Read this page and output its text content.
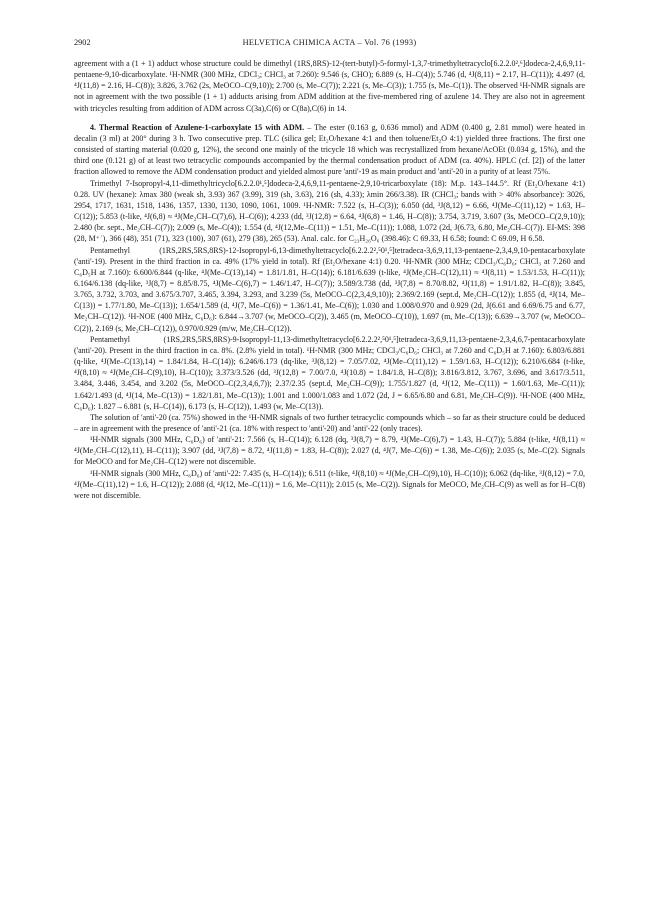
2902	HELVETICA CHIMICA ACTA – Vol. 76 (1993)

agreement with a (1 + 1) adduct whose structure could be dimethyl (1RS,8RS)-12-(tert-butyl)-5-formyl-1,3,7-trimethyltetracyclo[6.2.2.0²,⁶]dodeca-2,4,6,9,11-pentaene-9,10-dicarboxylate. ¹H-NMR (300 MHz, CDCl₃; CHCl₃ at 7.260): 9.546 (s, CHO); 6.889 (s, H–C(4)); 5.746 (d, ⁴J(8,11) = 2.17, H–C(11)); 4.497 (d, ⁴J(11,8) = 2.16, H–C(8)); 3.826, 3.762 (2s, MeOCO–C(9,10)); 2.700 (s, Me–C(7)); 2.221 (s, Me–C(3)); 1.755 (s, Me–C(1)). The observed ¹H-NMR signals are not in agreement with the two possible (1 + 1) adducts arising from ADM addition at the five-membered ring of azulene 14. They are also not in agreement with tricycles resulting from addition of ADM across C(3a),C(6) or C(8a),C(6) in 14.

4. Thermal Reaction of Azulene-1-carboxylate 15 with ADM. – The ester (0.163 g, 0.636 mmol) and ADM (0.400 g, 2.81 mmol) were heated in decalin (3 ml) at 200° during 3 h. Two consecutive prep. TLC (silica gel; Et₂O/hexane 4:1 and then toluene/Et₂O 4:1) yielded three fractions. The first one consisted of starting material (0.020 g, 12%), the second one mainly of the tricycle 18 which was recrystallized from hexane/AcOEt (0.034 g, 15%), and the third one (0.121 g) of at least two tetracyclic compounds accompanied by the thermal condensation product of ADM (ca. 40%). HPLC (cf. [2]) of the latter fraction allowed to remove the ADM condensation product and yielded almost pure 'anti'-19 as main product and 'anti'-20 in a purity of at least 75%.

Trimethyl 7-Isopropyl-4,11-dimethyltricyclo[6.2.2.0¹,⁵]dodeca-2,4,6,9,11-pentaene-2,9,10-tricarboxylate (18): M.p. 143–144.5°. Rf (Et₂O/hexane 4:1) 0.28. UV (hexane): λmax 380 (weak sh, 3.93) 367 (3.99), 319 (sh, 3.63), 216 (sh, 4.33); λmin 266/3.38). IR (CHCl₃; bands with > 40% absorbance): 3026, 2954, 1717, 1631, 1518, 1436, 1357, 1330, 1130, 1090, 1061, 1009. ¹H-NMR: 7.522 (s, H–C(3)); 6.050 (dd, ³J(8,12) = 6.66, ⁴J(Me–C(11),12) = 1.63, H–C(12)); 5.853 (t-like, ⁴J(6,8) ≈ ⁴J(Me₂CH–C(7),6), H–C(6)); 4.233 (dd, ³J(12,8) = 6.64, ⁴J(6,8) = 1.46, H–C(8)); 3.754, 3.719, 3.607 (3s, MeOCO–C(2,9,10)); 2.480 (br. sept., Me₂CH–C(7)); 2.009 (s, Me–C(4)); 1.554 (d, ⁴J(12,Me–C(11)) = 1.51, Me–C(11)); 1.088, 1.072 (2d, J(6.73, 6.80, Me₂CH–C(7)). EI-MS: 398 (28, M⁺˙), 366 (48), 351 (71), 323 (100), 307 (61), 279 (38), 265 (53). Anal. calc. for C₂₃H₂₆O₆ (398.46): C 69.33, H 6.58; found: C 69.09, H 6.58.

Pentamethyl (1RS,2RS,5RS,8RS)-12-Isopropyl-6,13-dimethyltetracyclo[6.2.2.2²,⁵0¹,⁵]tetradeca-3,6,9,11,13-pentaene-2,3,4,9,10-pentacarboxylate ('anti'-19). Present in the third fraction in ca. 49% (17% yield in total). Rf (Et₂O/hexane 4:1) 0.20. ¹H-NMR (300 MHz; CDCl₃/C₆D₆; CHCl₃ at 7.260 and C₆D₅H at 7.160): 6.600/6.844 (q-like, ⁴J(Me–C(13),14) = 1.81/1.81, H–C(14)); 6.181/6.639 (t-like, ⁴J(Me₂CH–C(12),11) ≈ ⁴J(8,11) = 1.53/1.53, H–C(11)); 6.164/6.138 (dq-like, ³J(8,7) = 8.85/8.75, ⁴J(Me–C(6),7) = 1.46/1.47, H–C(7)); 3.589/3.738 (dd, ³J(7,8) = 8.70/8.82, ⁴J(11,8) = 1.91/1.82, H–C(8)); 3.845, 3.765, 3.732, 3.703, and 3.675/3.707, 3.465, 3.394, 3.293, and 3.239 (5s, MeOCO–C(2,3,4,9,10)); 2.369/2.169 (sept.d, Me₂CH–C(12)); 1.855 (d, ⁴J(14, Me–C(13)) = 1.77/1.80, Me–C(13)); 1.654/1.589 (d, ⁴J(7, Me–C(6)) = 1.36/1.41, Me–C(6)); 1.030 and 1.008/0.970 and 0.929 (2d, J(6.61 and 6.69/6.75 and 6.77, Me₂CH–C(12)). ¹H-NOE (400 MHz, C₆D₆): 6.844→3.707 (w, MeOCO–C(2)), 3.465 (m, MeOCO–C(10)), 1.697 (m, Me–C(13)); 6.639→3.707 (w, MeOCO–C(2)), 2.169 (s, Me₂CH–C(12)), 0.970/0.929 (m/w, Me₂CH–C(12)).

Pentamethyl (1RS,2RS,5RS,8RS)-9-Isopropyl-11,13-dimethyltetracyclo[6.2.2.2²,⁵0¹,⁵]tetradeca-3,6,9,11,13-pentaene-2,3,4,6,7-pentacarboxylate ('anti'-20). Present in the third fraction in ca. 8%. (2.8% yield in total). ¹H-NMR (300 MHz; CDCl₃/C₆D₆; CHCl₃ at 7.260 and C₆D₅H at 7.160): 6.803/6.881 (q-like, ⁴J(Me–C(13),14) = 1.84/1.84, H–C(14)); 6.246/6.173 (dq-like, ³J(8,12) = 7.05/7.02, ⁴J(Me–C(11),12) = 1.59/1.63, H–C(12)); 6.210/6.684 (t-like, ⁴J(8,10) ≈ ⁴J(Me₂CH–C(9),10), H–C(10)); 3.373/3.526 (dd, ³J(12,8) = 7.00/7.0, ⁴J(10.8) = 1.84/1.8, H–C(8)); 3.816/3.812, 3.767, 3.696, and 3.617/3.511, 3.484, 3.446, 3.454, and 3.202 (5s, MeOCO–C(2,3,4,6,7)); 2.37/2.35 (sept.d, Me₂CH–C(9)); 1.755/1.827 (d, ⁴J(12, Me–C(11)) = 1.60/1.63, Me–C(11)); 1.642/1.493 (d, ⁴J(14, Me–C(13)) = 1.82/1.81, Me–C(13)); 1.001 and 1.000/1.083 and 1.072 (2d, J = 6.65/6.80 and 6.81, Me₂CH–C(9)). ¹H-NOE (400 MHz, C₆D₆): 1.827→6.881 (s, H–C(14)), 6.173 (s, H–C(12)), 1.493 (w, Me–C(13)).

The solution of 'anti'-20 (ca. 75%) showed in the ¹H-NMR signals of two further tetracyclic compounds which – so far as their structure could be deduced – are in agreement with the presence of 'anti'-21 (ca. 18% with respect to 'anti'-20) and 'anti'-22 (only traces).

¹H-NMR signals (300 MHz, C₆D₆) of 'anti'-21: 7.566 (s, H–C(14)); 6.128 (dq, ³J(8,7) = 8.79, ⁴J(Me–C(6),7) = 1.43, H–C(7)); 5.884 (t-like, ⁴J(8,11) ≈ ⁴J(Me₂CH–C(12),11), H–C(11)); 3.907 (dd, ³J(7,8) = 8.72, ⁴J(11,8) = 1.83, H–C(8)); 2.027 (d, ⁴J(7, Me–C(6)) = 1.38, Me–C(6)); 2.035 (s, Me–C(2). Signals for MeOCO and for Me₂CH–C(12) were not discernible.

¹H-NMR signals (300 MHz, C₆D₆) of 'anti'-22: 7.435 (s, H–C(14)); 6.511 (t-like, ⁴J(8,10) ≈ ⁴J(Me₂CH–C(9),10), H–C(10)); 6.062 (dq-like, ³J(8,12) = 7.0, ⁴J(Me–C(11),12) = 1.6, H–C(12)); 2.088 (d, ⁴J(12, Me–C(11)) = 1.6, Me–C(11)); 2.015 (s, Me–C(2)). Signals for MeOCO, Me₂CH–C(9) as well as for H–C(8) were not discernible.
